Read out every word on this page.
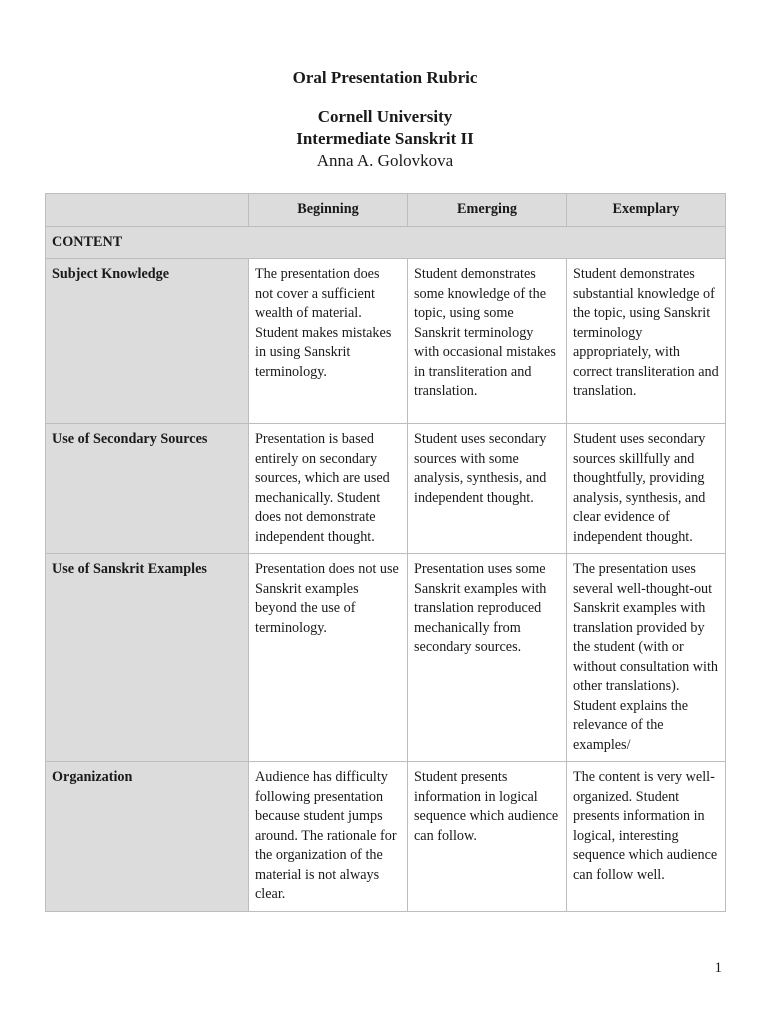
Oral Presentation Rubric

Cornell University

Intermediate Sanskrit II

Anna A. Golovkova

	Beginning	Emerging	Exemplary
CONTENT			
Subject Knowledge	The presentation does not cover a sufficient wealth of material. Student makes mistakes in using Sanskrit terminology.	Student demonstrates some knowledge of the topic, using some Sanskrit terminology with occasional mistakes in transliteration and translation.	Student demonstrates substantial knowledge of the topic, using Sanskrit terminology appropriately, with correct transliteration and translation.
Use of Secondary Sources	Presentation is based entirely on secondary sources, which are used mechanically. Student does not demonstrate independent thought.	Student uses secondary sources with some analysis, synthesis, and independent thought.	Student uses secondary sources skillfully and thoughtfully, providing analysis, synthesis, and clear evidence of independent thought.
Use of Sanskrit Examples	Presentation does not use Sanskrit examples beyond the use of terminology.	Presentation uses some Sanskrit examples with translation reproduced mechanically from secondary sources.	The presentation uses several well-thought-out Sanskrit examples with translation provided by the student (with or without consultation with other translations). Student explains the relevance of the examples/
Organization	Audience has difficulty following presentation because student jumps around. The rationale for the organization of the material is not always clear.	Student presents information in logical sequence which audience can follow.	The content is very well-organized. Student presents information in logical, interesting sequence which audience can follow well.
1
